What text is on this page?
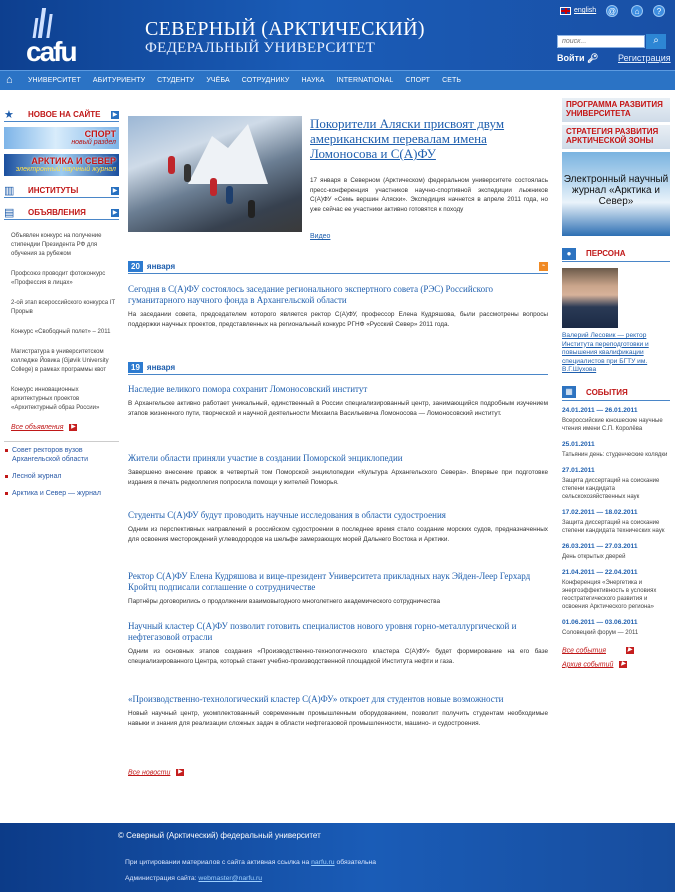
cafu
СЕВЕРНЫЙ (АРКТИЧЕСКИЙ)
ФЕДЕРАЛЬНЫЙ УНИВЕРСИТЕТ
english @	⌂	?
поиск...	⌕
Войти 🔑︎ Регистрация
⌂ УНИВЕРСИТЕТ АБИТУРИЕНТУ СТУДЕНТУ УЧЁБА СОТРУДНИКУ НАУКА INTERNATIONAL СПОРТ СЕТЬ
★	НОВОЕ НА САЙТЕ	▶
СПОРТ
новый раздел
АРКТИКА И СЕВЕР
электронный научный журнал
▥	ИНСТИТУТЫ	▶
▤	ОБЪЯВЛЕНИЯ	▶
Объявлен конкурс на получение стипендии Президента РФ для обучения за рубежом
Профсоюз проводит фотоконкурс «Профессия в лицах»
2-ой этап всероссийского конкурса IT Прорыв
Конкурс «Свободный полет» – 2011
Магистратура в университетском колледже Йовика (Gjøvik University College) в рамках программы квот
Конкурс инновационных архитектурных проектов «Архитектурный образ России»
Все объявления ▶
Совет ректоров вузов Архангельской области
Лесной журнал
Арктика и Север — журнал
Покорители Аляски присвоят двум американским перевалам имена Ломоносова и С(А)ФУ
17 января в Северном (Арктическом) федеральном университете состоялась пресс-конференция участников научно-спортивной экспедиции лыжников С(А)ФУ «Семь вершин Аляски». Экспедиция начнется в апреле 2011 года, но уже сейчас ее участники активно готовятся к походу
Видео
20 января	⌁
Сегодня в С(А)ФУ состоялось заседание регионального экспертного совета (РЭС) Российского гуманитарного научного фонда в Архангельской области
На заседании совета, председателем которого является ректор С(А)ФУ, профессор Елена Кудряшова, были рассмотрены вопросы поддержки научных проектов, представленных на региональный конкурс РГНФ «Русский Север» 2011 года.
19 января
Наследие великого помора сохранит Ломоносовский институт
В Архангельске активно работает уникальный, единственный в России специализированный центр, занимающийся подробным изучением этапов жизненного пути, творческой и научной деятельности Михаила Васильевича Ломоносова — Ломоносовский институт.
Жители области приняли участие в создании Поморской энциклопедии
Завершено внесение правок в четвертый том Поморской энциклопедии «Культура Архангельского Севера». Впервые при подготовке издания в печать редколлегия попросила помощи у жителей Поморья.
Студенты С(А)ФУ будут проводить научные исследования в области судостроения
Одним из перспективных направлений в российском судостроении в последнее время стало создание морских судов, предназначенных для освоения месторождений углеводородов на шельфе замерзающих морей Дальнего Востока и Арктики.
Ректор С(А)ФУ Елена Кудряшова и вице-президент Университета прикладных наук Эйден-Леер Герхард Кройтц подписали соглашение о сотрудничестве
Партнёры договорились о продолжении взаимовыгодного многолетнего академического сотрудничества
Научный кластер С(А)ФУ позволит готовить специалистов нового уровня горно-металлургической и нефтегазовой отрасли
Одним из основных этапов создания «Производственно-технологического кластера С(А)ФУ» будет формирование на его базе специализированного Центра, который станет учебно-производственной площадкой Института нефти и газа.
«Производственно-технологический кластер С(А)ФУ» откроет для студентов новые возможности
Новый научный центр, укомплектованный современным промышленным оборудованием, позволит получить студентам необходимые навыки и знания для реализации сложных задач в области нефтегазовой промышленности, машино- и судостроения.
Все новости ▶
ПРОГРАММА РАЗВИТИЯ УНИВЕРСИТЕТА
СТРАТЕГИЯ РАЗВИТИЯ АРКТИЧЕСКОЙ ЗОНЫ
Электронный научный журнал «Арктика и Север»
●	ПЕРСОНА
Валерий Лесовик — ректор Института переподготовки и повышения квалификации специалистов при БГТУ им. В.Г.Шухова
▦	СОБЫТИЯ
24.01.2011 — 26.01.2011
Всероссийские юношеские научные чтения имени С.П. Королёва
25.01.2011
Татьянин день: студенческие колядки
27.01.2011
Защита диссертаций на соискание степени кандидата сельскохозяйственных наук
17.02.2011 — 18.02.2011
Защита диссертаций на соискание степени кандидата технических наук
26.03.2011 — 27.03.2011
День открытых дверей
21.04.2011 — 22.04.2011
Конференция «Энергетика и энергоэффективность в условиях геостратегического развития и освоения Арктического региона»
01.06.2011 — 03.06.2011
Соловецкий форум — 2011
Все события	▶
Архив событий ▶
© Северный (Арктический) федеральный университет
При цитировании материалов с сайта активная ссылка на narfu.ru обязательна
Администрация сайта: webmaster@narfu.ru
